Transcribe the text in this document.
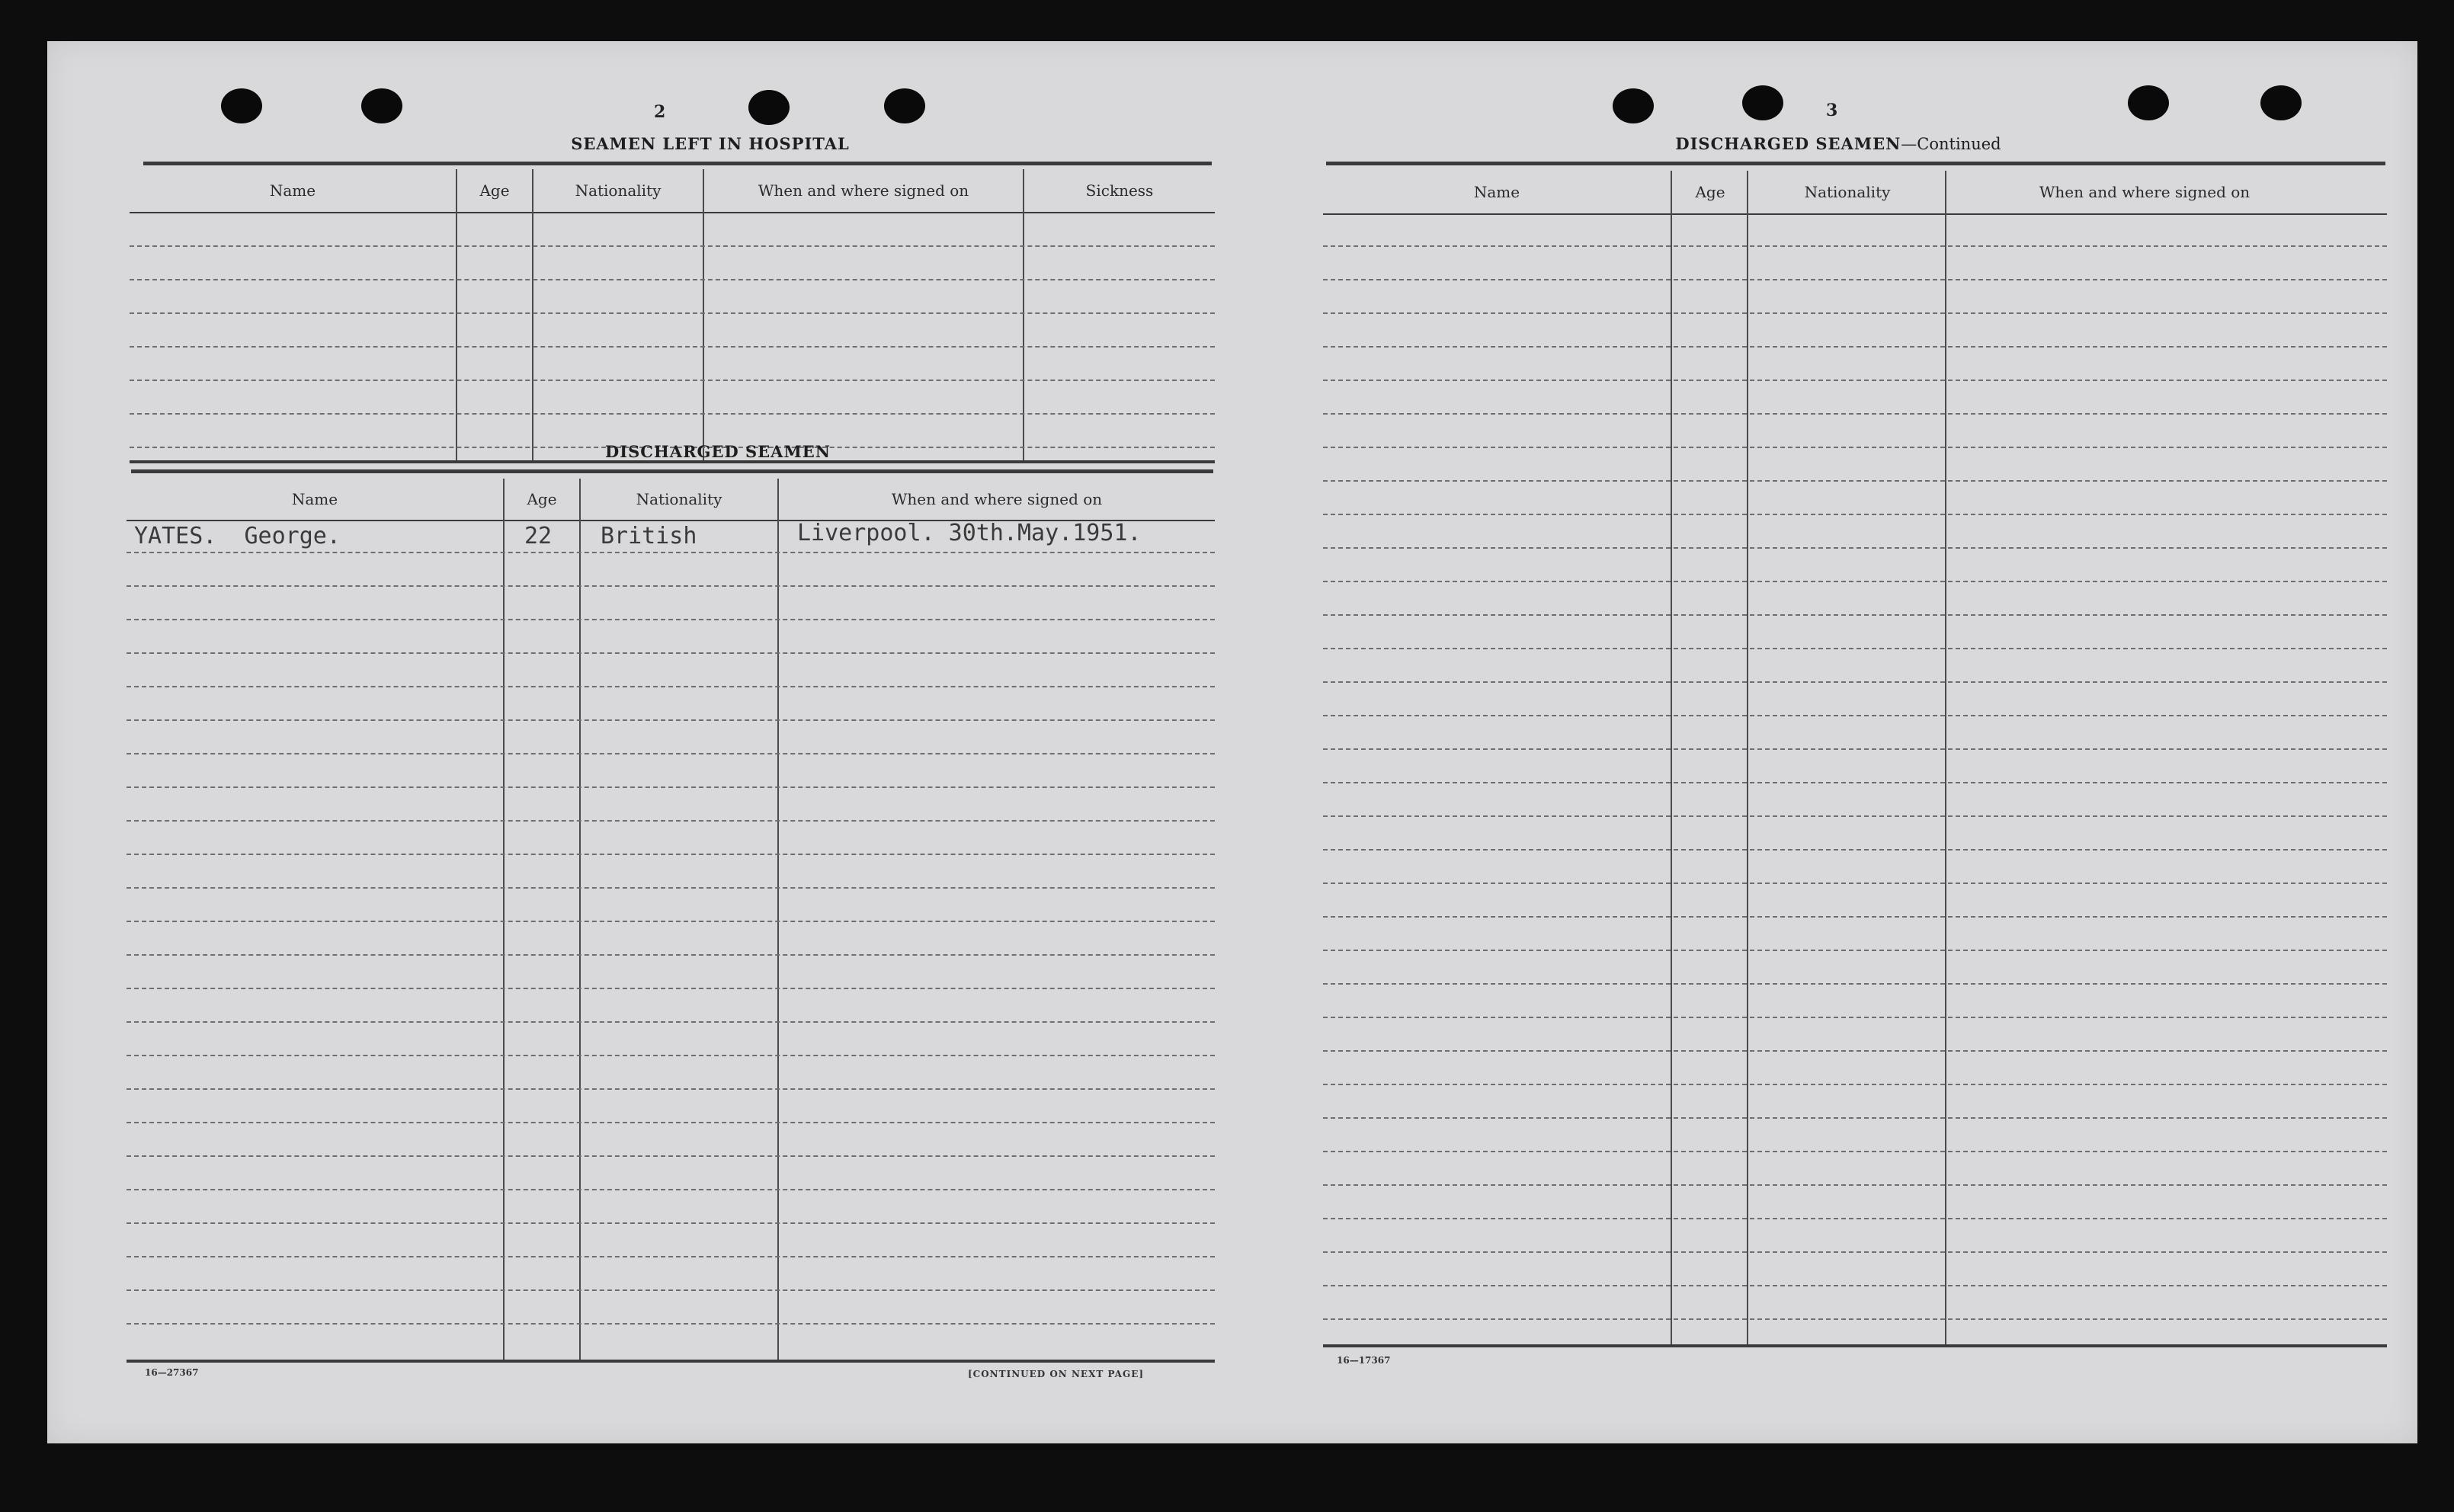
2
SEAMEN LEFT IN HOSPITAL
Name	Age	Nationality	When and where signed on	Sickness
DISCHARGED SEAMEN
Name	Age	Nationality	When and where signed on
YATES.  George.	22 British	Liverpool. 30th.May.1951.
16—27367	[CONTINUED ON NEXT PAGE]
3
DISCHARGED SEAMEN—Continued
Name	Age	Nationality	When and where signed on
16—17367
